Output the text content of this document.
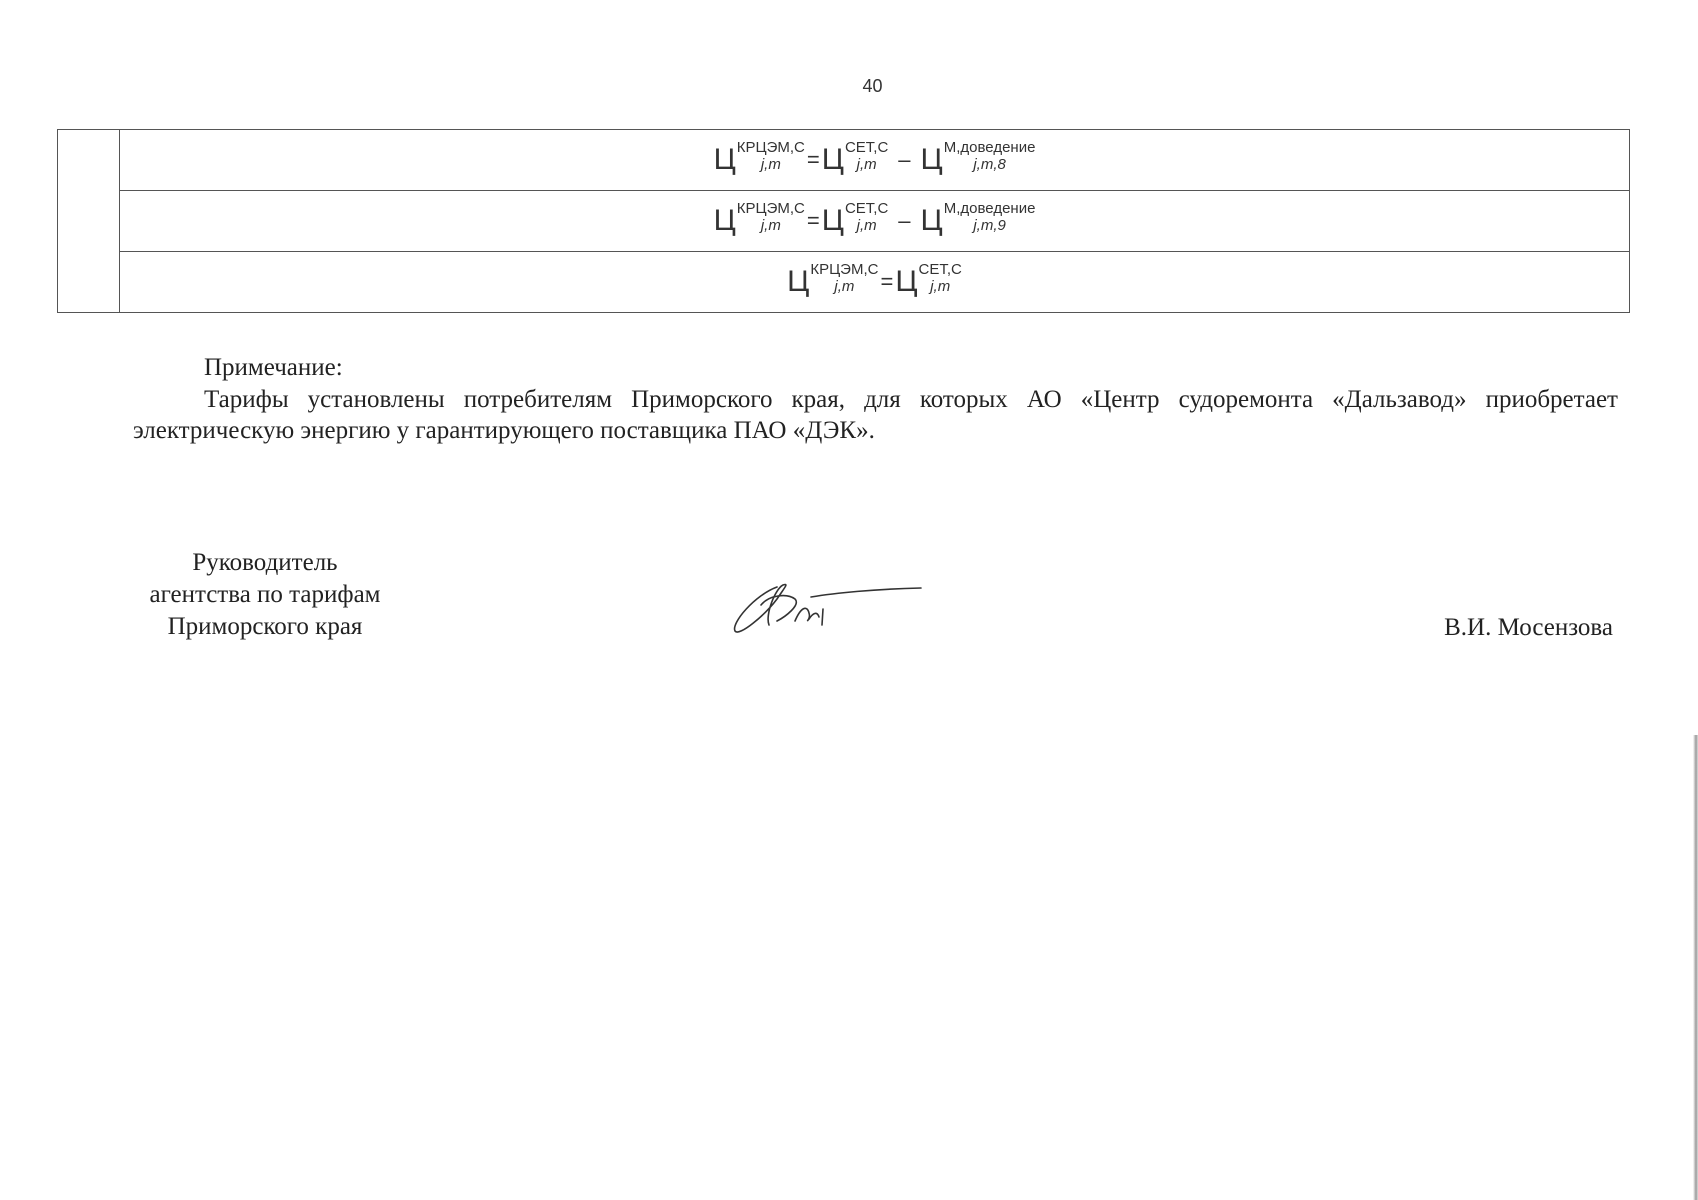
40

Ц КРЦЭМ,C
j,m	= Ц СЕТ,C
j,m – Ц М,доведение
j,m,8

Ц КРЦЭМ,C
j,m	= Ц СЕТ,C
j,m – Ц М,доведение
j,m,9

Ц КРЦЭМ,C
j,m	= Ц СЕТ,C
j,m
Примечание:

Тарифы установлены потребителям Приморского края, для которых АО «Центр судоремонта «Дальзавод» приобретает электрическую энергию у гарантирующего поставщика ПАО «ДЭК».

Руководитель
агентства по тарифам
Приморского края	В.И. Мосензова
